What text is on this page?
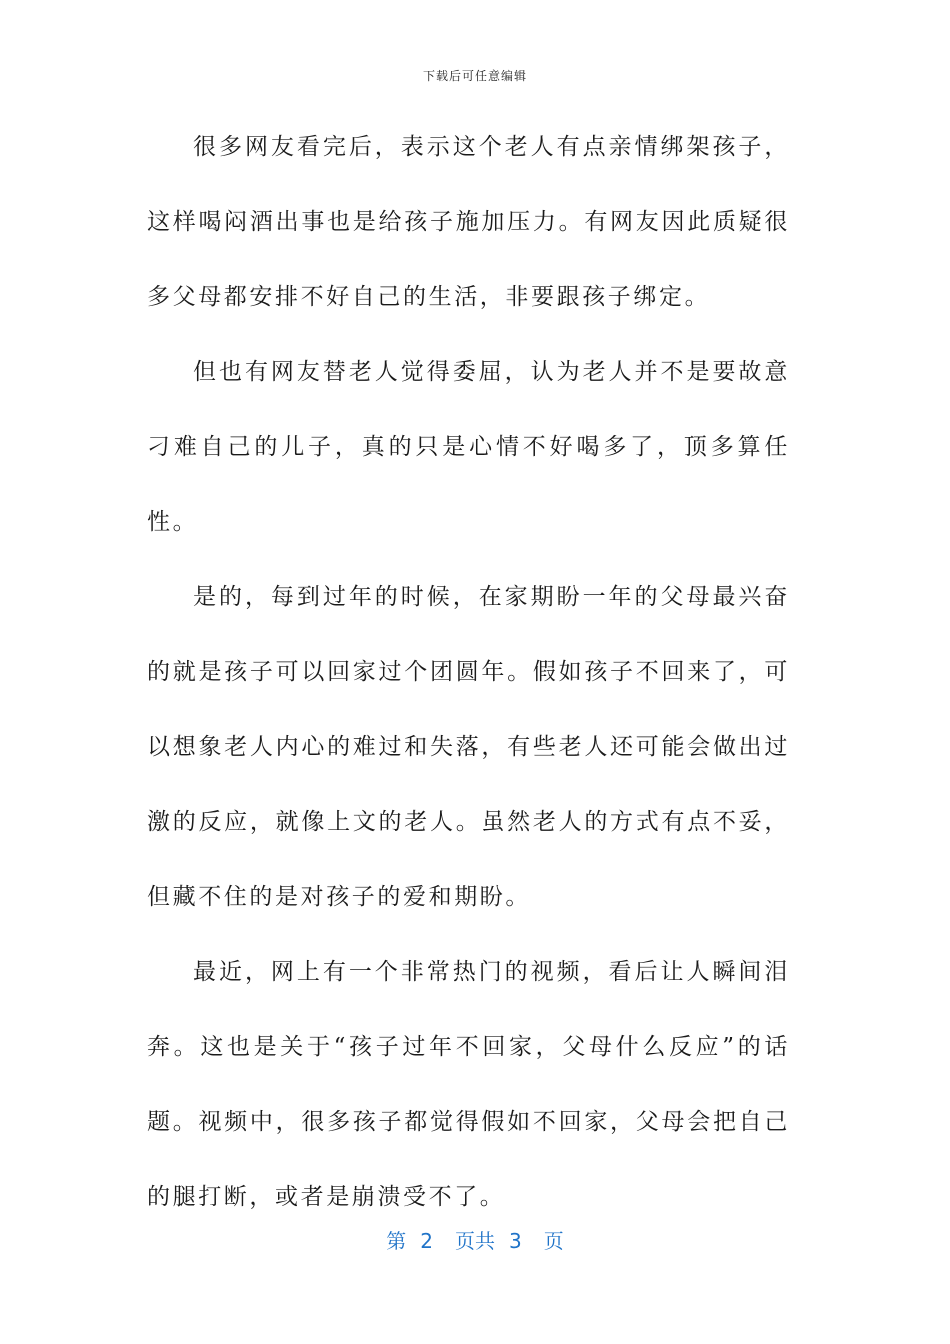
下载后可任意编辑

很多网友看完后，表示这个老人有点亲情绑架孩子，这样喝闷酒出事也是给孩子施加压力。有网友因此质疑很多父母都安排不好自己的生活，非要跟孩子绑定。

但也有网友替老人觉得委屈，认为老人并不是要故意刁难自己的儿子，真的只是心情不好喝多了，顶多算任性。

是的，每到过年的时候，在家期盼一年的父母最兴奋的就是孩子可以回家过个团圆年。假如孩子不回来了，可以想象老人内心的难过和失落，有些老人还可能会做出过激的反应，就像上文的老人。虽然老人的方式有点不妥，但藏不住的是对孩子的爱和期盼。

最近，网上有一个非常热门的视频，看后让人瞬间泪奔。这也是关于“孩子过年不回家，父母什么反应”的话题。视频中，很多孩子都觉得假如不回家，父母会把自己的腿打断，或者是崩溃受不了。

第 2 页共 3 页
